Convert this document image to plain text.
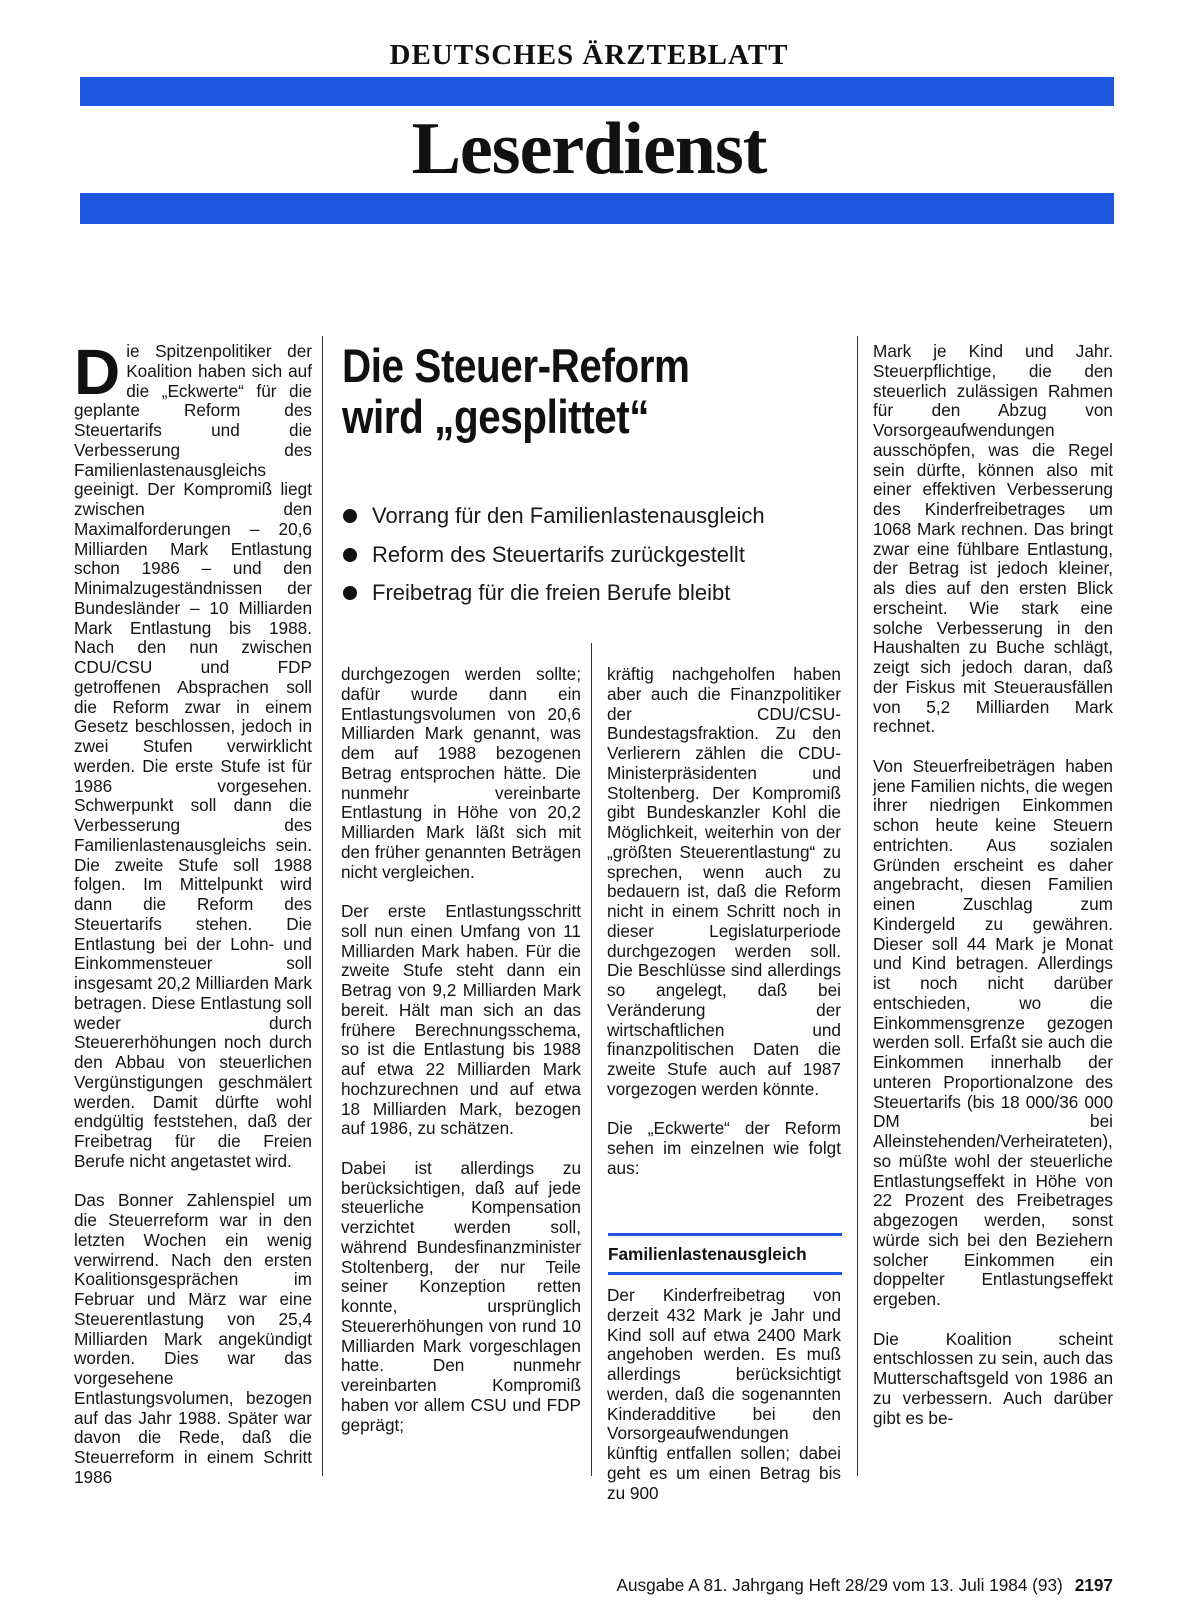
DEUTSCHES ÄRZTEBLATT
Leserdienst

Die Spitzenpolitiker der Koalition haben sich auf die „Eckwerte“ für die geplante Reform des Steuertarifs und die Verbesserung des Familienlastenausgleichs geeinigt. Der Kompromiß liegt zwischen den Maximalforderungen – 20,6 Milliarden Mark Entlastung schon 1986 – und den Minimalzugeständnissen der Bundesländer – 10 Milliarden Mark Entlastung bis 1988. Nach den nun zwischen CDU/CSU und FDP getroffenen Absprachen soll die Reform zwar in einem Gesetz beschlossen, jedoch in zwei Stufen verwirklicht werden. Die erste Stufe ist für 1986 vorgesehen. Schwerpunkt soll dann die Verbesserung des Familienlastenausgleichs sein. Die zweite Stufe soll 1988 folgen. Im Mittelpunkt wird dann die Reform des Steuertarifs stehen. Die Entlastung bei der Lohn- und Einkommensteuer soll insgesamt 20,2 Milliarden Mark betragen. Diese Entlastung soll weder durch Steuererhöhungen noch durch den Abbau von steuerlichen Vergünstigungen geschmälert werden. Damit dürfte wohl endgültig feststehen, daß der Freibetrag für die Freien Berufe nicht angetastet wird.

Das Bonner Zahlenspiel um die Steuerreform war in den letzten Wochen ein wenig verwirrend. Nach den ersten Koalitionsgesprächen im Februar und März war eine Steuerentlastung von 25,4 Milliarden Mark angekündigt worden. Dies war das vorgesehene Entlastungsvolumen, bezogen auf das Jahr 1988. Später war davon die Rede, daß die Steuerreform in einem Schritt 1986

Die Steuer-Reform wird „gesplittet“
Vorrang für den Familienlastenausgleich
Reform des Steuertarifs zurückgestellt
Freibetrag für die freien Berufe bleibt

durchgezogen werden sollte; dafür wurde dann ein Entlastungsvolumen von 20,6 Milliarden Mark genannt, was dem auf 1988 bezogenen Betrag entsprochen hätte. Die nunmehr vereinbarte Entlastung in Höhe von 20,2 Milliarden Mark läßt sich mit den früher genannten Beträgen nicht vergleichen.

Der erste Entlastungsschritt soll nun einen Umfang von 11 Milliarden Mark haben. Für die zweite Stufe steht dann ein Betrag von 9,2 Milliarden Mark bereit. Hält man sich an das frühere Berechnungsschema, so ist die Entlastung bis 1988 auf etwa 22 Milliarden Mark hochzurechnen und auf etwa 18 Milliarden Mark, bezogen auf 1986, zu schätzen.

Dabei ist allerdings zu berücksichtigen, daß auf jede steuerliche Kompensation verzichtet werden soll, während Bundesfinanzminister Stoltenberg, der nur Teile seiner Konzeption retten konnte, ursprünglich Steuererhöhungen von rund 10 Milliarden Mark vorgeschlagen hatte. Den nunmehr vereinbarten Kompromiß haben vor allem CSU und FDP geprägt;

kräftig nachgeholfen haben aber auch die Finanzpolitiker der CDU/CSU-Bundestagsfraktion. Zu den Verlierern zählen die CDU-Ministerpräsidenten und Stoltenberg. Der Kompromiß gibt Bundeskanzler Kohl die Möglichkeit, weiterhin von der „größten Steuerentlastung“ zu sprechen, wenn auch zu bedauern ist, daß die Reform nicht in einem Schritt noch in dieser Legislaturperiode durchgezogen werden soll. Die Beschlüsse sind allerdings so angelegt, daß bei Veränderung der wirtschaftlichen und finanzpolitischen Daten die zweite Stufe auch auf 1987 vorgezogen werden könnte.

Die „Eckwerte“ der Reform sehen im einzelnen wie folgt aus:

Familienlastenausgleich

Der Kinderfreibetrag von derzeit 432 Mark je Jahr und Kind soll auf etwa 2400 Mark angehoben werden. Es muß allerdings berücksichtigt werden, daß die sogenannten Kinderadditive bei den Vorsorgeaufwendungen künftig entfallen sollen; dabei geht es um einen Betrag bis zu 900

Mark je Kind und Jahr. Steuerpflichtige, die den steuerlich zulässigen Rahmen für den Abzug von Vorsorgeaufwendungen ausschöpfen, was die Regel sein dürfte, können also mit einer effektiven Verbesserung des Kinderfreibetrages um 1068 Mark rechnen. Das bringt zwar eine fühlbare Entlastung, der Betrag ist jedoch kleiner, als dies auf den ersten Blick erscheint. Wie stark eine solche Verbesserung in den Haushalten zu Buche schlägt, zeigt sich jedoch daran, daß der Fiskus mit Steuerausfällen von 5,2 Milliarden Mark rechnet.

Von Steuerfreibeträgen haben jene Familien nichts, die wegen ihrer niedrigen Einkommen schon heute keine Steuern entrichten. Aus sozialen Gründen erscheint es daher angebracht, diesen Familien einen Zuschlag zum Kindergeld zu gewähren. Dieser soll 44 Mark je Monat und Kind betragen. Allerdings ist noch nicht darüber entschieden, wo die Einkommensgrenze gezogen werden soll. Erfaßt sie auch die Einkommen innerhalb der unteren Proportionalzone des Steuertarifs (bis 18 000/36 000 DM bei Alleinstehenden/Verheirateten), so müßte wohl der steuerliche Entlastungseffekt in Höhe von 22 Prozent des Freibetrages abgezogen werden, sonst würde sich bei den Beziehern solcher Einkommen ein doppelter Entlastungseffekt ergeben.

Die Koalition scheint entschlossen zu sein, auch das Mutterschaftsgeld von 1986 an zu verbessern. Auch darüber gibt es be-

Ausgabe A 81. Jahrgang Heft 28/29 vom 13. Juli 1984 (93) 2197
